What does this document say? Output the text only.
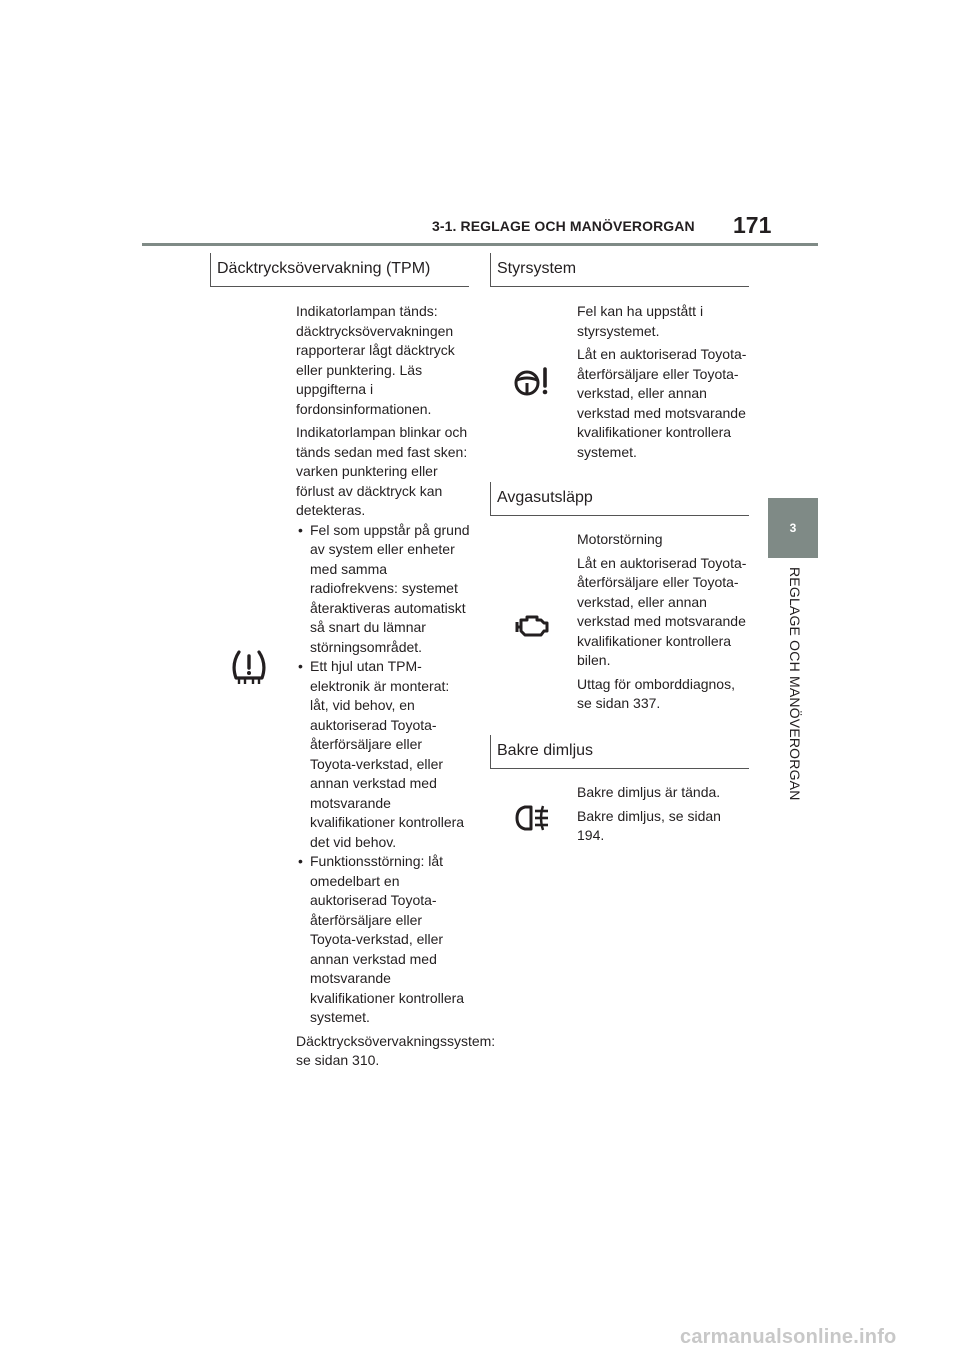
3-1. REGLAGE OCH MANÖVERORGAN 171
3
REGLAGE OCH MANÖVERORGAN
Däcktrycksövervakning (TPM)

Indikatorlampan tänds: däcktrycksövervakningen rapporterar lågt däcktryck eller punktering. Läs uppgifterna i fordonsinformationen.

Indikatorlampan blinkar och tänds sedan med fast sken: varken punktering eller förlust av däcktryck kan detekteras.

• Fel som uppstår på grund av system eller enheter med samma radiofrekvens: systemet återaktiveras automatiskt så snart du lämnar störningsområdet.
• Ett hjul utan TPM-elektronik är monterat: låt, vid behov, en auktoriserad Toyota-återförsäljare eller Toyota-verkstad, eller annan verkstad med motsvarande kvalifikationer kontrollera det vid behov.
• Funktionsstörning: låt omedelbart en auktoriserad Toyota-återförsäljare eller Toyota-verkstad, eller annan verkstad med motsvarande kvalifikationer kontrollera systemet.

Däcktrycksövervakningssystem: se sidan 310.

Styrsystem

Fel kan ha uppstått i styrsystemet.

Låt en auktoriserad Toyota-återförsäljare eller Toyota-verkstad, eller annan verkstad med motsvarande kvalifikationer kontrollera systemet.

Avgasutsläpp

Motorstörning

Låt en auktoriserad Toyota-återförsäljare eller Toyota-verkstad, eller annan verkstad med motsvarande kvalifikationer kontrollera bilen.

Uttag för omborddiagnos, se sidan 337.

Bakre dimljus

Bakre dimljus är tända.

Bakre dimljus, se sidan 194.

carmanualsonline.info
